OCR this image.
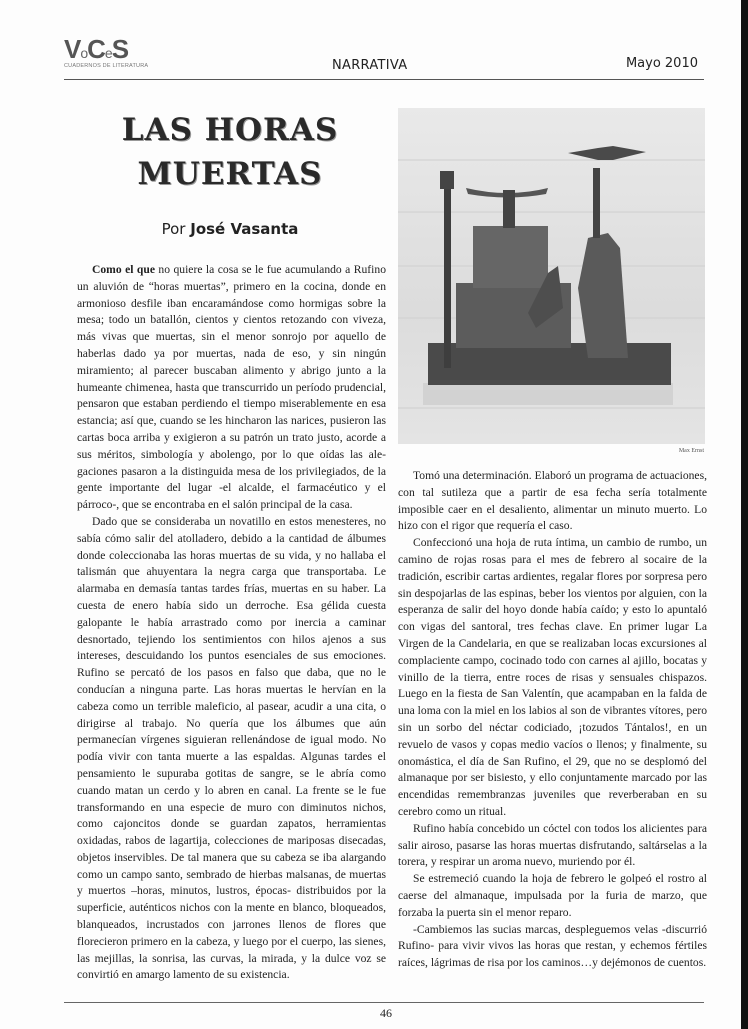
VoCeS
CUADERNOS DE LITERATURA	NARRATIVA	Mayo 2010
LAS HORAS
MUERTAS
Por José Vasanta

Como el que no quiere la cosa se le fue acumulando a Rufino un aluvión de “horas muertas”, primero en la cocina, donde en armonioso desfile iban encaramándose como hormigas sobre la mesa; todo un batallón, cientos y cientos retozando con viveza, más vivas que muertas, sin el menor sonrojo por aquello de haberlas dado ya por muertas, nada de eso, y sin ningún miramiento; al parecer buscaban alimento y abrigo junto a la humeante chimenea, hasta que transcurrido un período prudencial, pensaron que estaban perdiendo el tiempo miserablemente en esa estancia; así que, cuando se les hincharon las narices, pusieron las cartas boca arriba y exigieron a su patrón un trato justo, acorde a sus méritos, simbología y abolengo, por lo que oídas las alegaciones pasaron a la distinguida mesa de los privilegiados, de la gente importante del lugar -el alcalde, el farmacéutico y el párroco-, que se encontraba en el salón principal de la casa.

Dado que se consideraba un novatillo en estos menesteres, no sabía cómo salir del atolladero, debido a la cantidad de álbumes donde coleccionaba las horas muertas de su vida, y no hallaba el talismán que ahuyentara la negra carga que transportaba. Le alarmaba en demasía tantas tardes frías, muertas en su haber. La cuesta de enero había sido un derroche. Esa gélida cuesta galopante le había arrastrado como por inercia a caminar desnortado, tejiendo los sentimientos con hilos ajenos a sus intereses, descuidando los puntos esenciales de sus emociones. Rufino se percató de los pasos en falso que daba, que no le conducían a ninguna parte. Las horas muertas le hervían en la cabeza como un terrible maleficio, al pasear, acudir a una cita, o dirigirse al trabajo. No quería que los álbumes que aún permanecían vírgenes siguieran rellenándose de igual modo. No podía vivir con tanta muerte a las espaldas. Algunas tardes el pensamiento le supuraba gotitas de sangre, se le abría como cuando matan un cerdo y lo abren en canal. La frente se le fue transformando en una especie de muro con diminutos nichos, como cajoncitos donde se guardan zapatos, herramientas oxidadas, rabos de lagartija, colecciones de mariposas disecadas, objetos inservibles. De tal manera que su cabeza se iba alargando como un campo santo, sembrado de hierbas malsanas, de muertas y muertos –horas, minutos, lustros, épocas- distribuidos por la superficie, auténticos nichos con la mente en blanco, bloqueados, blanqueados, incrustados con jarrones llenos de flores que florecieron primero en la cabeza, y luego por el cuerpo, las sienes, las mejillas, la sonrisa, las curvas, la mirada, y la dulce voz se convirtió en amargo lamento de su existencia.

Max Ernst

Tomó una determinación. Elaboró un programa de actuaciones, con tal sutileza que a partir de esa fecha sería totalmente imposible caer en el desaliento, alimentar un minuto muerto. Lo hizo con el rigor que requería el caso.

Confeccionó una hoja de ruta íntima, un cambio de rumbo, un camino de rojas rosas para el mes de febrero al socaire de la tradición, escribir cartas ardientes, regalar flores por sorpresa pero sin despojarlas de las espinas, beber los vientos por alguien, con la esperanza de salir del hoyo donde había caído; y esto lo apuntaló con vigas del santoral, tres fechas clave. En primer lugar La Virgen de la Candelaria, en que se realizaban locas excursiones al complaciente campo, cocinado todo con carnes al ajillo, bocatas y vinillo de la tierra, entre roces de risas y sensuales chispazos. Luego en la fiesta de San Valentín, que acampaban en la falda de una loma con la miel en los labios al son de vibrantes vítores, pero sin un sorbo del néctar codiciado, ¡tozudos Tántalos!, en un revuelo de vasos y copas medio vacíos o llenos; y finalmente, su onomástica, el día de San Rufino, el 29, que no se desplomó del almanaque por ser bisiesto, y ello conjuntamente marcado por las encendidas remembranzas juveniles que reverberaban en su cerebro como un ritual.

Rufino había concebido un cóctel con todos los alicientes para salir airoso, pasarse las horas muertas disfrutando, saltárselas a la torera, y respirar un aroma nuevo, muriendo por él.

Se estremeció cuando la hoja de febrero le golpeó el rostro al caerse del almanaque, impulsada por la furia de marzo, que forzaba la puerta sin el menor reparo.

-Cambiemos las sucias marcas, despleguemos velas -discurrió Rufino- para vivir vivos las horas que restan, y echemos fértiles raíces, lágrimas de risa por los caminos…y dejémonos de cuentos.

46
